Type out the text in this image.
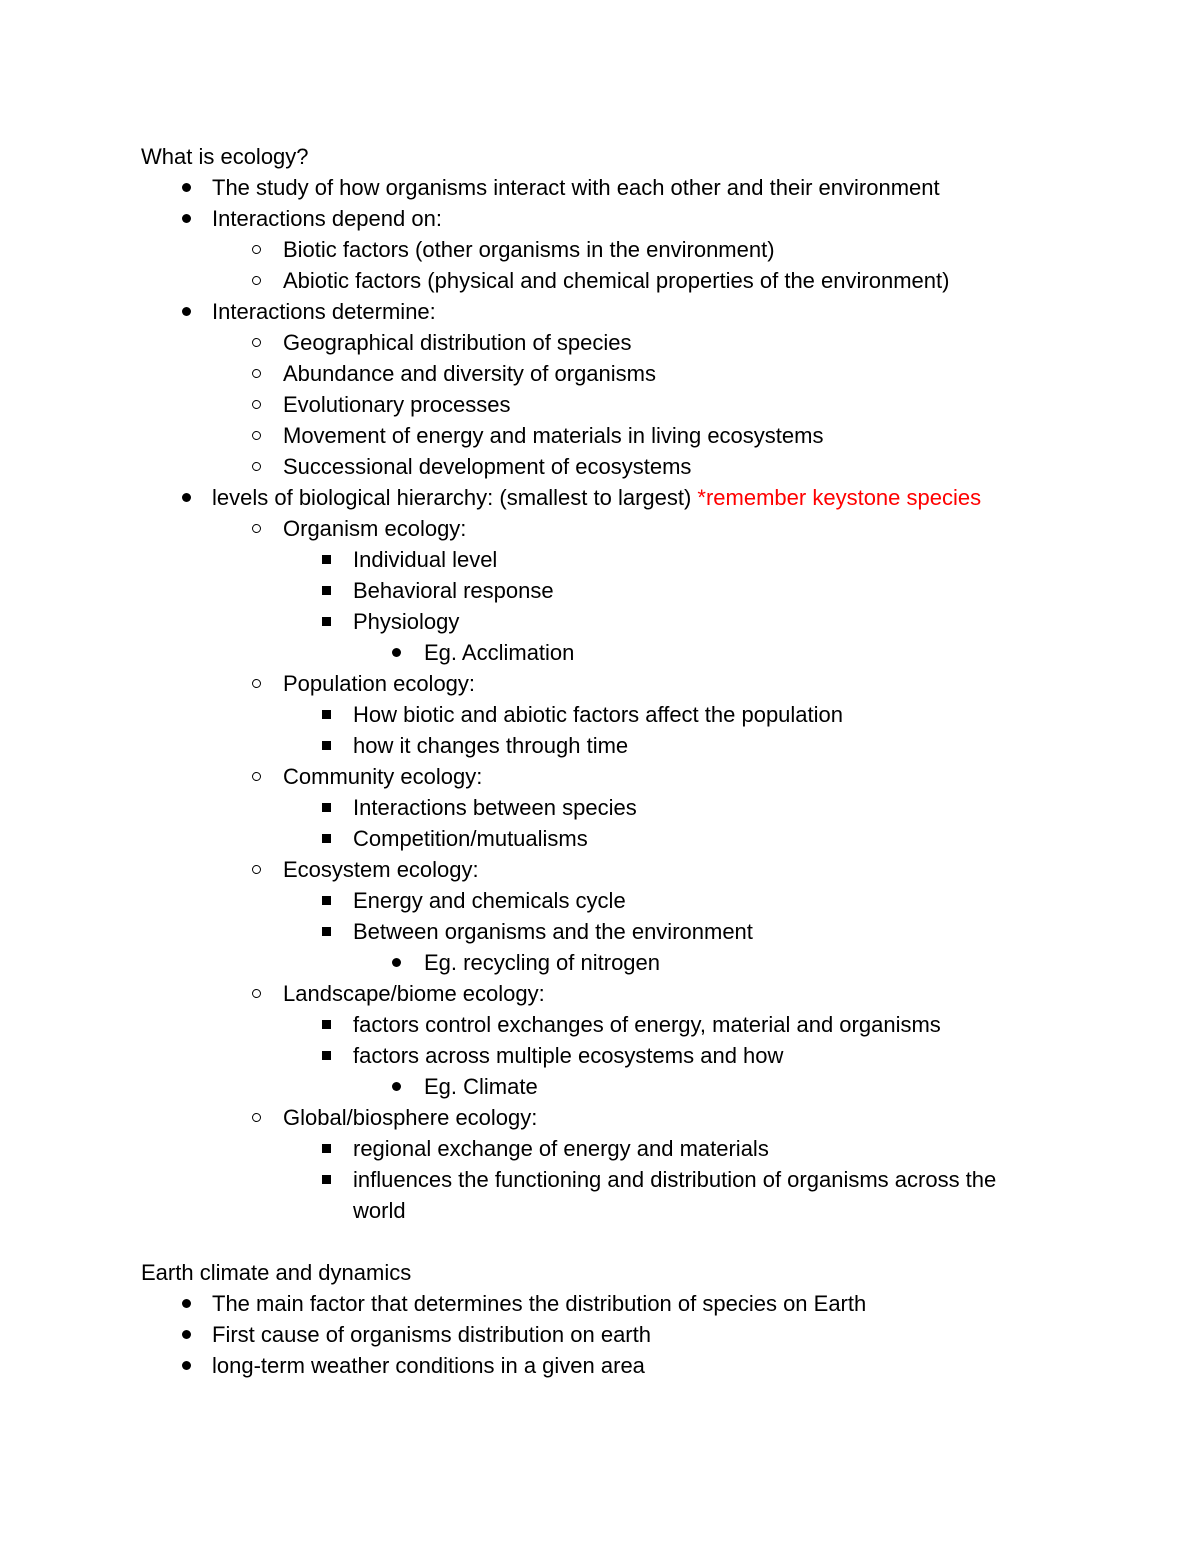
What is ecology?
The study of how organisms interact with each other and their environment
Interactions depend on:
Biotic factors (other organisms in the environment)
Abiotic factors (physical and chemical properties of the environment)
Interactions determine:
Geographical distribution of species
Abundance and diversity of organisms
Evolutionary processes
Movement of energy and materials in living ecosystems
Successional development of ecosystems
levels of biological hierarchy: (smallest to largest) *remember keystone species
Organism ecology:
Individual level
Behavioral response
Physiology
Eg. Acclimation
Population ecology:
How biotic and abiotic factors affect the population
how it changes through time
Community ecology:
Interactions between species
Competition/mutualisms
Ecosystem ecology:
Energy and chemicals cycle
Between organisms and the environment
Eg. recycling of nitrogen
Landscape/biome ecology:
factors control exchanges of energy, material and organisms
factors across multiple ecosystems and how
Eg. Climate
Global/biosphere ecology:
regional exchange of energy and materials
influences the functioning and distribution of organisms across the world
Earth climate and dynamics
The main factor that determines the distribution of species on Earth
First cause of organisms distribution on earth
long-term weather conditions in a given area
